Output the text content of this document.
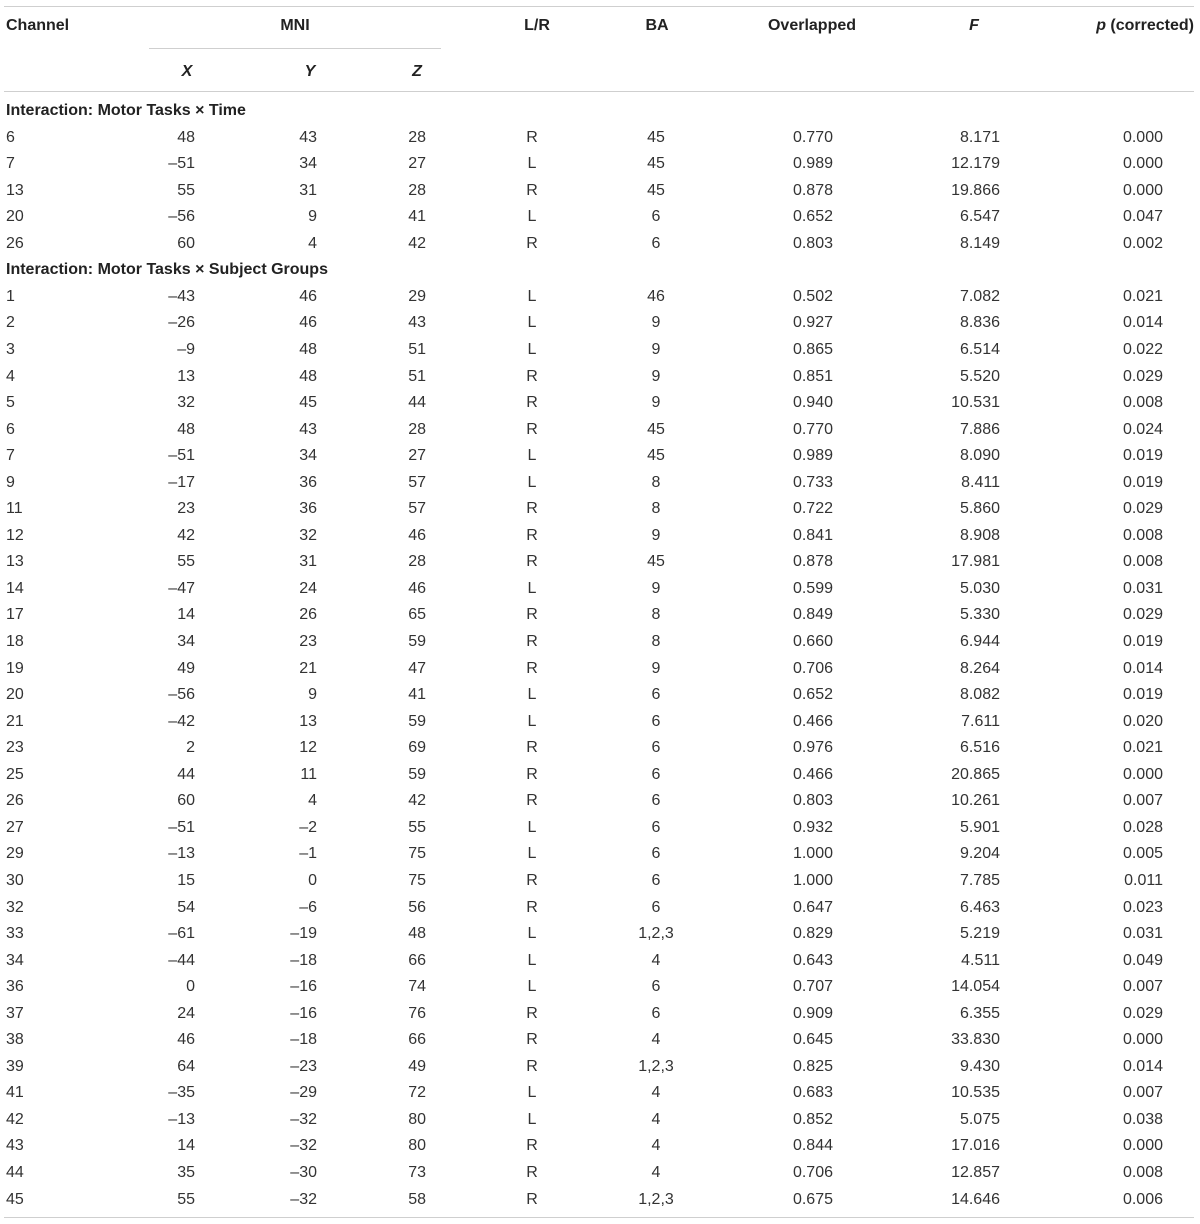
Channel	MNI	L/R	BA	Overlapped	F	p (corrected)
X	Y	Z
Interaction: Motor Tasks × Time
6	48	43	28	R	45	0.770	8.171	0.000
7	–51	34	27	L	45	0.989	12.179	0.000
13	55	31	28	R	45	0.878	19.866	0.000
20	–56	9	41	L	6	0.652	6.547	0.047
26	60	4	42	R	6	0.803	8.149	0.002
Interaction: Motor Tasks × Subject Groups
1	–43	46	29	L	46	0.502	7.082	0.021
2	–26	46	43	L	9	0.927	8.836	0.014
3	–9	48	51	L	9	0.865	6.514	0.022
4	13	48	51	R	9	0.851	5.520	0.029
5	32	45	44	R	9	0.940	10.531	0.008
6	48	43	28	R	45	0.770	7.886	0.024
7	–51	34	27	L	45	0.989	8.090	0.019
9	–17	36	57	L	8	0.733	8.411	0.019
11	23	36	57	R	8	0.722	5.860	0.029
12	42	32	46	R	9	0.841	8.908	0.008
13	55	31	28	R	45	0.878	17.981	0.008
14	–47	24	46	L	9	0.599	5.030	0.031
17	14	26	65	R	8	0.849	5.330	0.029
18	34	23	59	R	8	0.660	6.944	0.019
19	49	21	47	R	9	0.706	8.264	0.014
20	–56	9	41	L	6	0.652	8.082	0.019
21	–42	13	59	L	6	0.466	7.611	0.020
23	2	12	69	R	6	0.976	6.516	0.021
25	44	11	59	R	6	0.466	20.865	0.000
26	60	4	42	R	6	0.803	10.261	0.007
27	–51	–2	55	L	6	0.932	5.901	0.028
29	–13	–1	75	L	6	1.000	9.204	0.005
30	15	0	75	R	6	1.000	7.785	0.011
32	54	–6	56	R	6	0.647	6.463	0.023
33	–61	–19	48	L	1,2,3	0.829	5.219	0.031
34	–44	–18	66	L	4	0.643	4.511	0.049
36	0	–16	74	L	6	0.707	14.054	0.007
37	24	–16	76	R	6	0.909	6.355	0.029
38	46	–18	66	R	4	0.645	33.830	0.000
39	64	–23	49	R	1,2,3	0.825	9.430	0.014
41	–35	–29	72	L	4	0.683	10.535	0.007
42	–13	–32	80	L	4	0.852	5.075	0.038
43	14	–32	80	R	4	0.844	17.016	0.000
44	35	–30	73	R	4	0.706	12.857	0.008
45	55	–32	58	R	1,2,3	0.675	14.646	0.006
